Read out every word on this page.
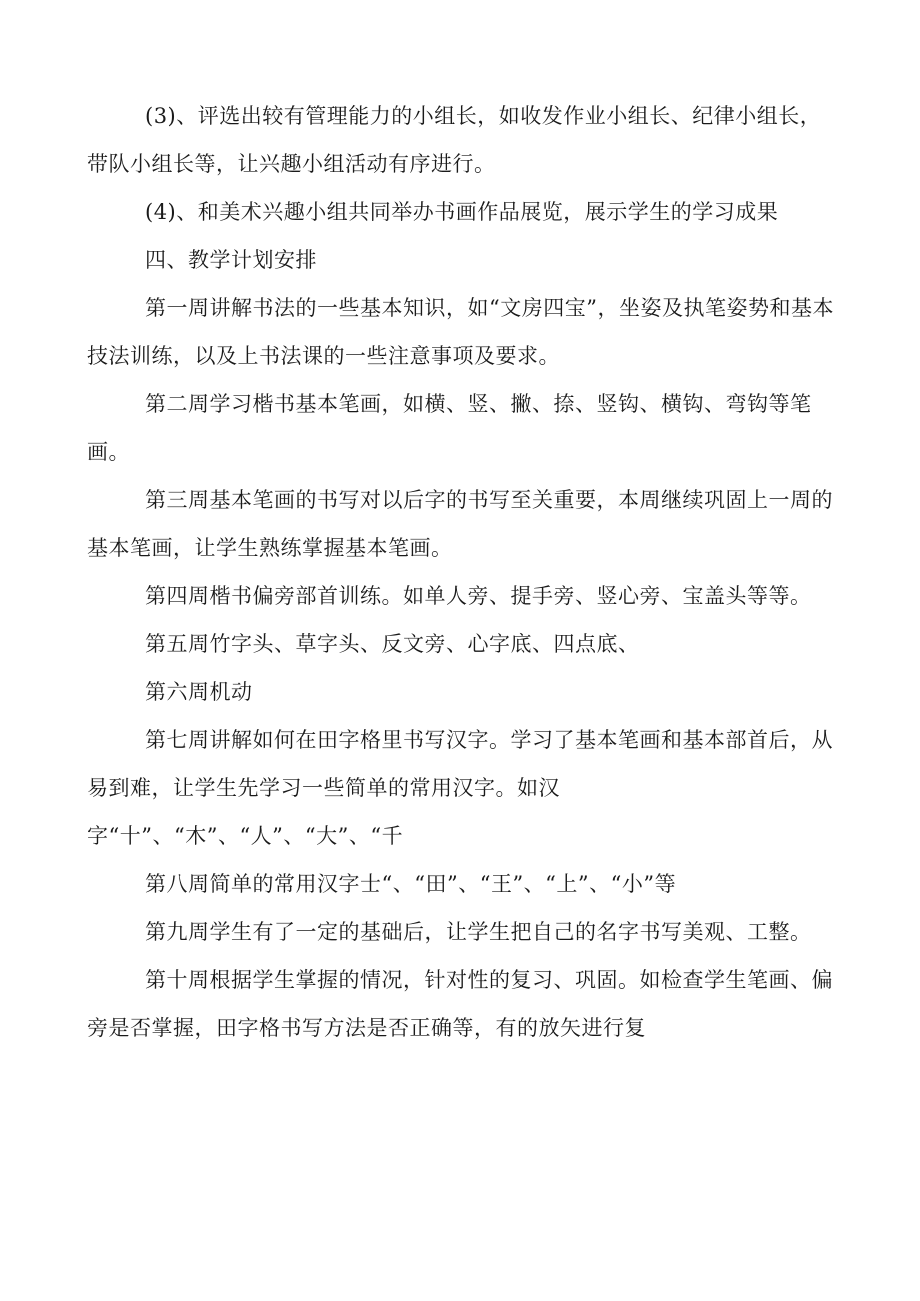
(3)、评选出较有管理能力的小组长，如收发作业小组长、纪律小组长，带队小组长等，让兴趣小组活动有序进行。

(4)、和美术兴趣小组共同举办书画作品展览，展示学生的学习成果

四、教学计划安排

第一周讲解书法的一些基本知识，如“文房四宝”，坐姿及执笔姿势和基本技法训练，以及上书法课的一些注意事项及要求。

第二周学习楷书基本笔画，如横、竖、撇、捺、竖钩、横钩、弯钩等笔画。

第三周基本笔画的书写对以后字的书写至关重要，本周继续巩固上一周的基本笔画，让学生熟练掌握基本笔画。

第四周楷书偏旁部首训练。如单人旁、提手旁、竖心旁、宝盖头等等。

第五周竹字头、草字头、反文旁、心字底、四点底、

第六周机动

第七周讲解如何在田字格里书写汉字。学习了基本笔画和基本部首后，从易到难，让学生先学习一些简单的常用汉字。如汉字“十”、“木”、“人”、“大”、“千

第八周简单的常用汉字士“、“田”、“王”、“上”、“小”等

第九周学生有了一定的基础后，让学生把自己的名字书写美观、工整。

第十周根据学生掌握的情况，针对性的复习、巩固。如检查学生笔画、偏旁是否掌握，田字格书写方法是否正确等，有的放矢进行复
